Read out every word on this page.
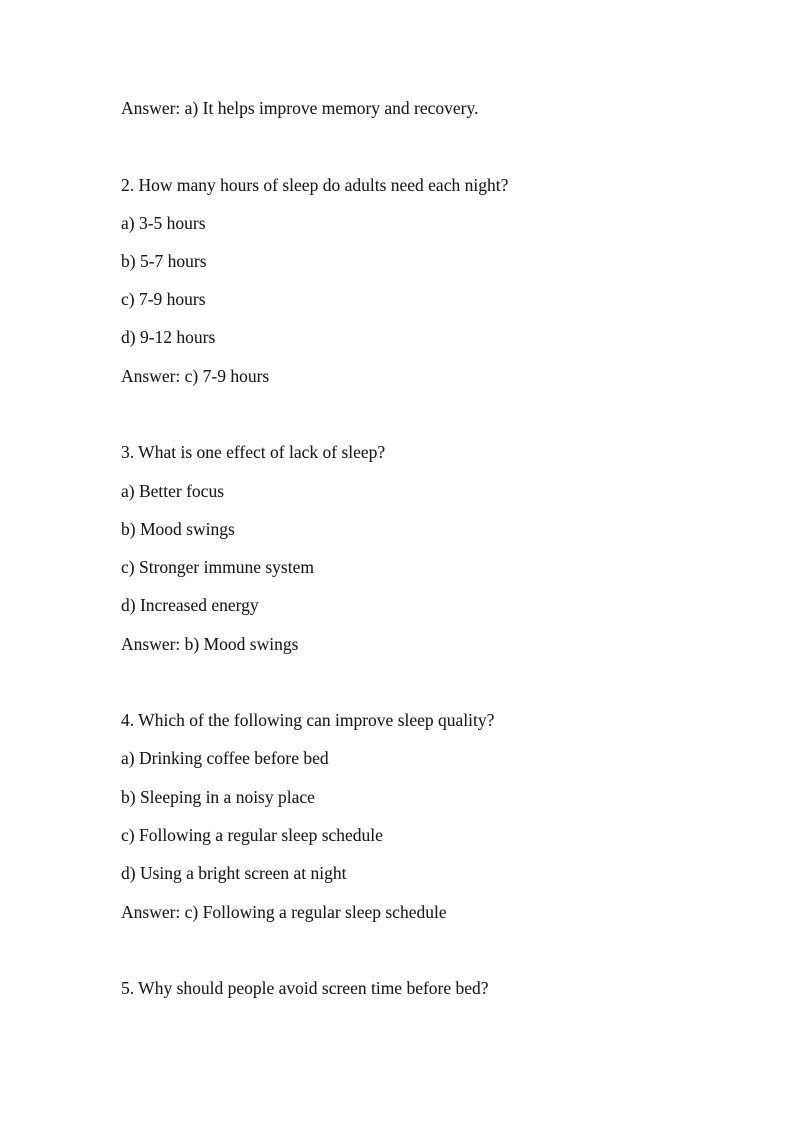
Answer: a) It helps improve memory and recovery.
2. How many hours of sleep do adults need each night?
a) 3-5 hours
b) 5-7 hours
c) 7-9 hours
d) 9-12 hours
Answer: c) 7-9 hours
3. What is one effect of lack of sleep?
a) Better focus
b) Mood swings
c) Stronger immune system
d) Increased energy
Answer: b) Mood swings
4. Which of the following can improve sleep quality?
a) Drinking coffee before bed
b) Sleeping in a noisy place
c) Following a regular sleep schedule
d) Using a bright screen at night
Answer: c) Following a regular sleep schedule
5. Why should people avoid screen time before bed?
